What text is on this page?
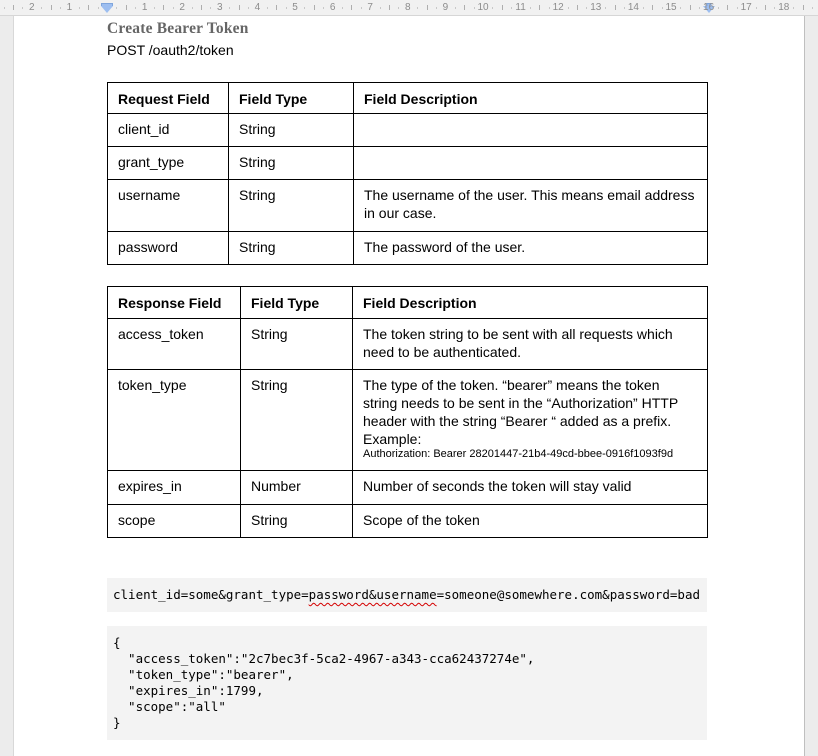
2	1	1	2	3	4	5	6	7	8	9	10	11	12	13	14	15	16	17	18
Create Bearer Token
POST /oauth2/token
Request Field	Field Type	Field Description
client_id	String	

grant_type	String	

username	String	The username of the user. This means email address in our case.

password	String	The password of the user.
Response Field	Field Type	Field Description
access_token	String	The token string to be sent with all requests which need to be authenticated.

token_type	String	The type of the token. “bearer” means the token string needs to be sent in the “Authorization” HTTP header with the string “Bearer “ added as a prefix.
Example:
Authorization: Bearer 28201447-21b4-49cd-bbee-0916f1093f9d

expires_in	Number	Number of seconds the token will stay valid

scope	String	Scope of the token
client_id=some&grant_type=password&username=someone@somewhere.com&password=bad
{
"access_token":"2c7bec3f-5ca2-4967-a343-cca62437274e",
"token_type":"bearer",
"expires_in":1799,
"scope":"all"
}
